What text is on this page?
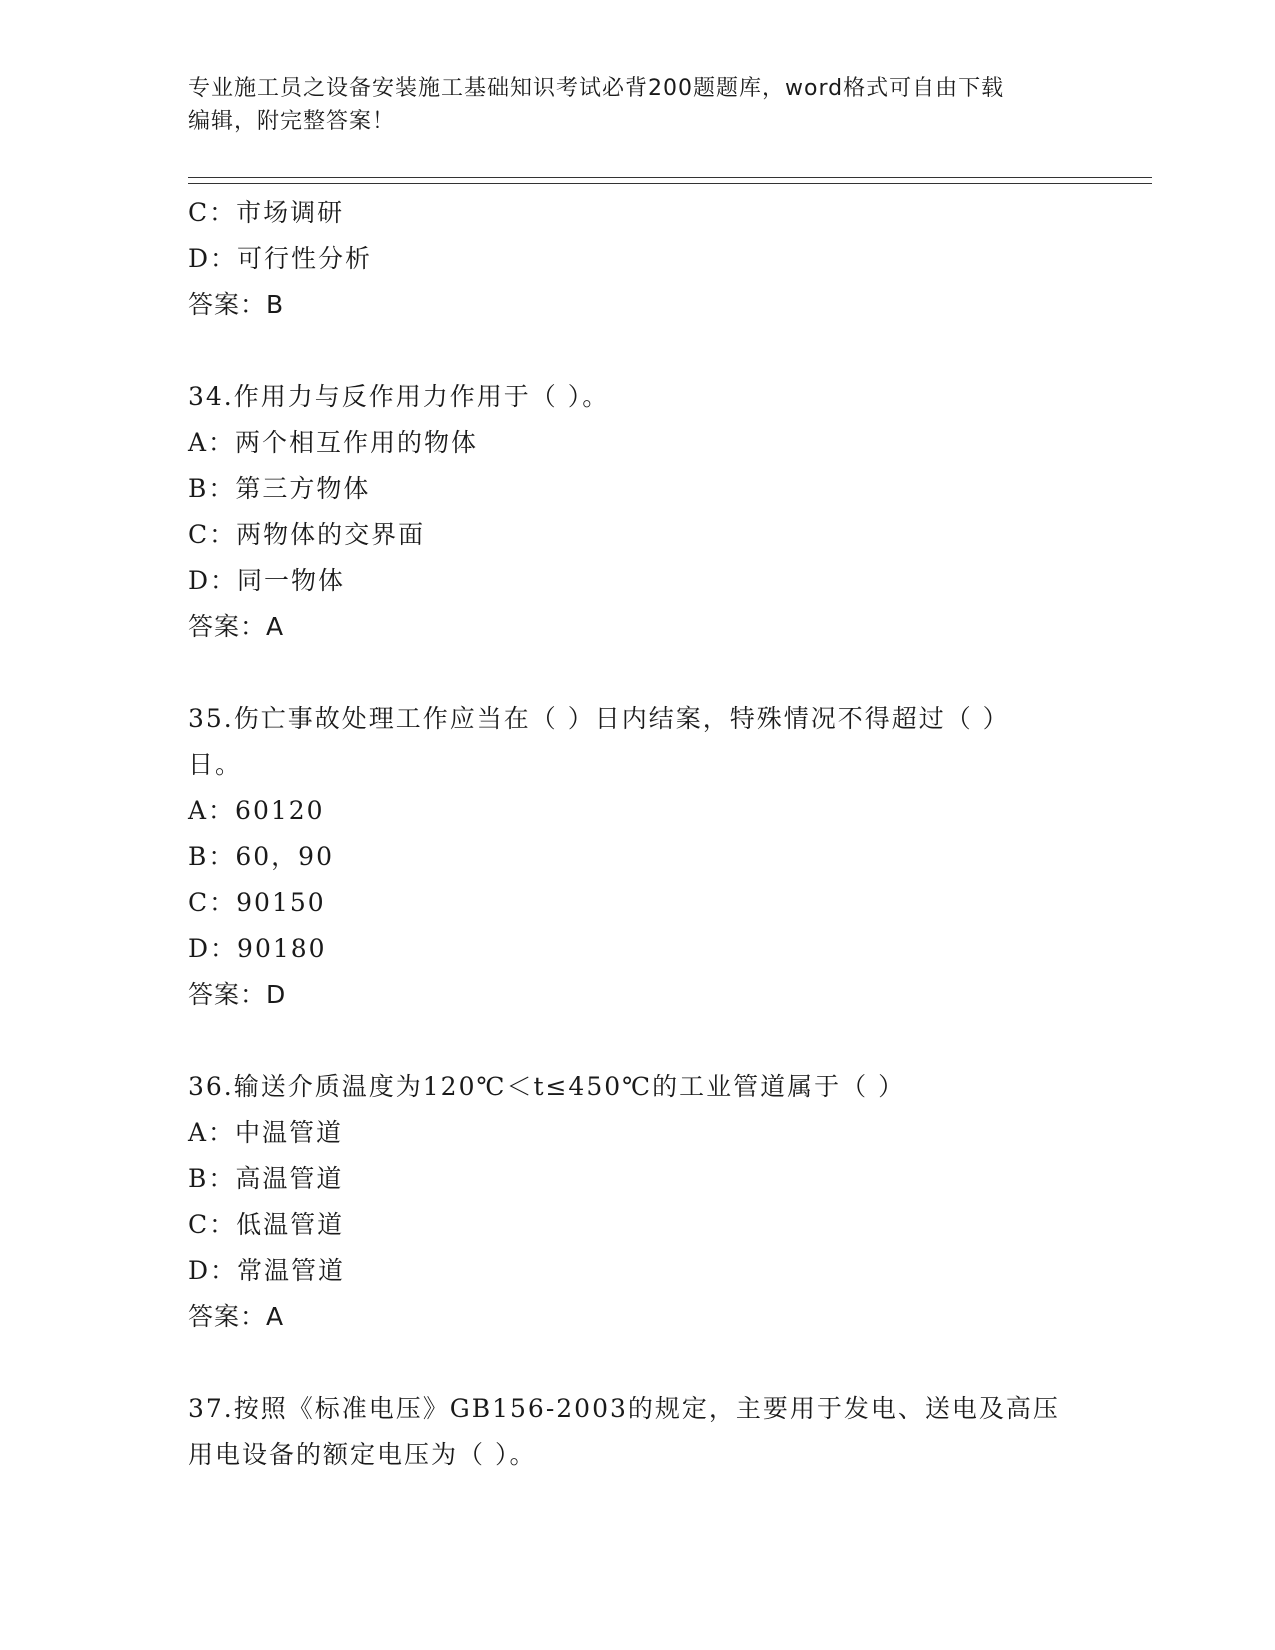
专业施工员之设备安装施工基础知识考试必背200题题库，word格式可自由下载
编辑，附完整答案！
C：市场调研
D：可行性分析
答案：B
34.作用力与反作用力作用于（ ）。
A：两个相互作用的物体
B：第三方物体
C：两物体的交界面
D：同一物体
答案：A
35.伤亡事故处理工作应当在（ ）日内结案，特殊情况不得超过（ ）
日。
A：60120
B：60，90
C：90150
D：90180
答案：D
36.输送介质温度为120℃＜t≤450℃的工业管道属于（ ）
A：中温管道
B：高温管道
C：低温管道
D：常温管道
答案：A
37.按照《标准电压》GB156-2003的规定，主要用于发电、送电及高压
用电设备的额定电压为（ ）。
